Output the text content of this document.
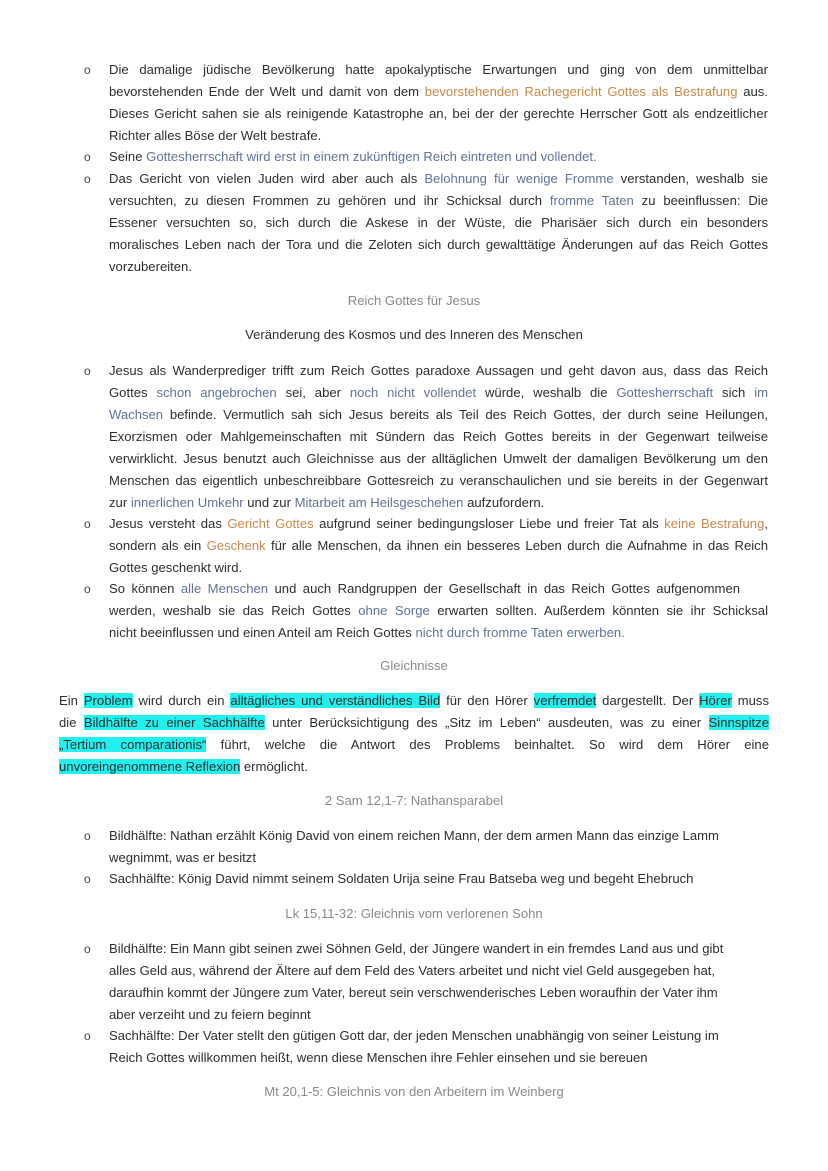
o Die damalige jüdische Bevölkerung hatte apokalyptische Erwartungen und ging von dem unmittelbar
bevorstehenden Ende der Welt und damit von dem bevorstehenden Rachegericht Gottes als Bestrafung aus.
Dieses Gericht sahen sie als reinigende Katastrophe an, bei der der gerechte Herrscher Gott als endzeitlicher
Richter alles Böse der Welt bestrafe.
o Seine Gottesherrschaft wird erst in einem zukünftigen Reich eintreten und vollendet.
o Das Gericht von vielen Juden wird aber auch als Belohnung für wenige Fromme verstanden, weshalb sie
versuchten, zu diesen Frommen zu gehören und ihr Schicksal durch fromme Taten zu beeinflussen: Die
Essener versuchten so, sich durch die Askese in der Wüste, die Pharisäer sich durch ein besonders
moralisches Leben nach der Tora und die Zeloten sich durch gewalttätige Änderungen auf das Reich Gottes
vorzubereiten.
Reich Gottes für Jesus
Veränderung des Kosmos und des Inneren des Menschen
o Jesus als Wanderprediger trifft zum Reich Gottes paradoxe Aussagen und geht davon aus, dass das Reich
Gottes schon angebrochen sei, aber noch nicht vollendet würde, weshalb die Gottesherrschaft sich im
Wachsen befinde. Vermutlich sah sich Jesus bereits als Teil des Reich Gottes, der durch seine Heilungen,
Exorzismen oder Mahlgemeinschaften mit Sündern das Reich Gottes bereits in der Gegenwart teilweise
verwirklicht. Jesus benutzt auch Gleichnisse aus der alltäglichen Umwelt der damaligen Bevölkerung um den
Menschen das eigentlich unbeschreibbare Gottesreich zu veranschaulichen und sie bereits in der Gegenwart
zur innerlichen Umkehr und zur Mitarbeit am Heilsgeschehen aufzufordern.
o Jesus versteht das Gericht Gottes aufgrund seiner bedingungsloser Liebe und freier Tat als keine Bestrafung,
sondern als ein Geschenk für alle Menschen, da ihnen ein besseres Leben durch die Aufnahme in das Reich
Gottes geschenkt wird.
o So können alle Menschen und auch Randgruppen der Gesellschaft in das Reich Gottes aufgenommen
werden, weshalb sie das Reich Gottes ohne Sorge erwarten sollten. Außerdem könnten sie ihr Schicksal
nicht beeinflussen und einen Anteil am Reich Gottes nicht durch fromme Taten erwerben.
Gleichnisse
Ein Problem wird durch ein alltägliches und verständliches Bild für den Hörer verfremdet dargestellt. Der Hörer muss
die Bildhälfte zu einer Sachhälfte unter Berücksichtigung des „Sitz im Leben“ ausdeuten, was zu einer Sinnspitze
„Tertium comparationis“ führt, welche die Antwort des Problems beinhaltet. So wird dem Hörer eine
unvoreingenommene Reflexion ermöglicht.
2 Sam 12,1-7: Nathansparabel
o Bildhälfte: Nathan erzählt König David von einem reichen Mann, der dem armen Mann das einzige Lamm
wegnimmt, was er besitzt
o Sachhälfte: König David nimmt seinem Soldaten Urija seine Frau Batseba weg und begeht Ehebruch
Lk 15,11-32: Gleichnis vom verlorenen Sohn
o Bildhälfte: Ein Mann gibt seinen zwei Söhnen Geld, der Jüngere wandert in ein fremdes Land aus und gibt
alles Geld aus, während der Ältere auf dem Feld des Vaters arbeitet und nicht viel Geld ausgegeben hat,
daraufhin kommt der Jüngere zum Vater, bereut sein verschwenderisches Leben woraufhin der Vater ihm
aber verzeiht und zu feiern beginnt
o Sachhälfte: Der Vater stellt den gütigen Gott dar, der jeden Menschen unabhängig von seiner Leistung im
Reich Gottes willkommen heißt, wenn diese Menschen ihre Fehler einsehen und sie bereuen
Mt 20,1-5: Gleichnis von den Arbeitern im Weinberg
